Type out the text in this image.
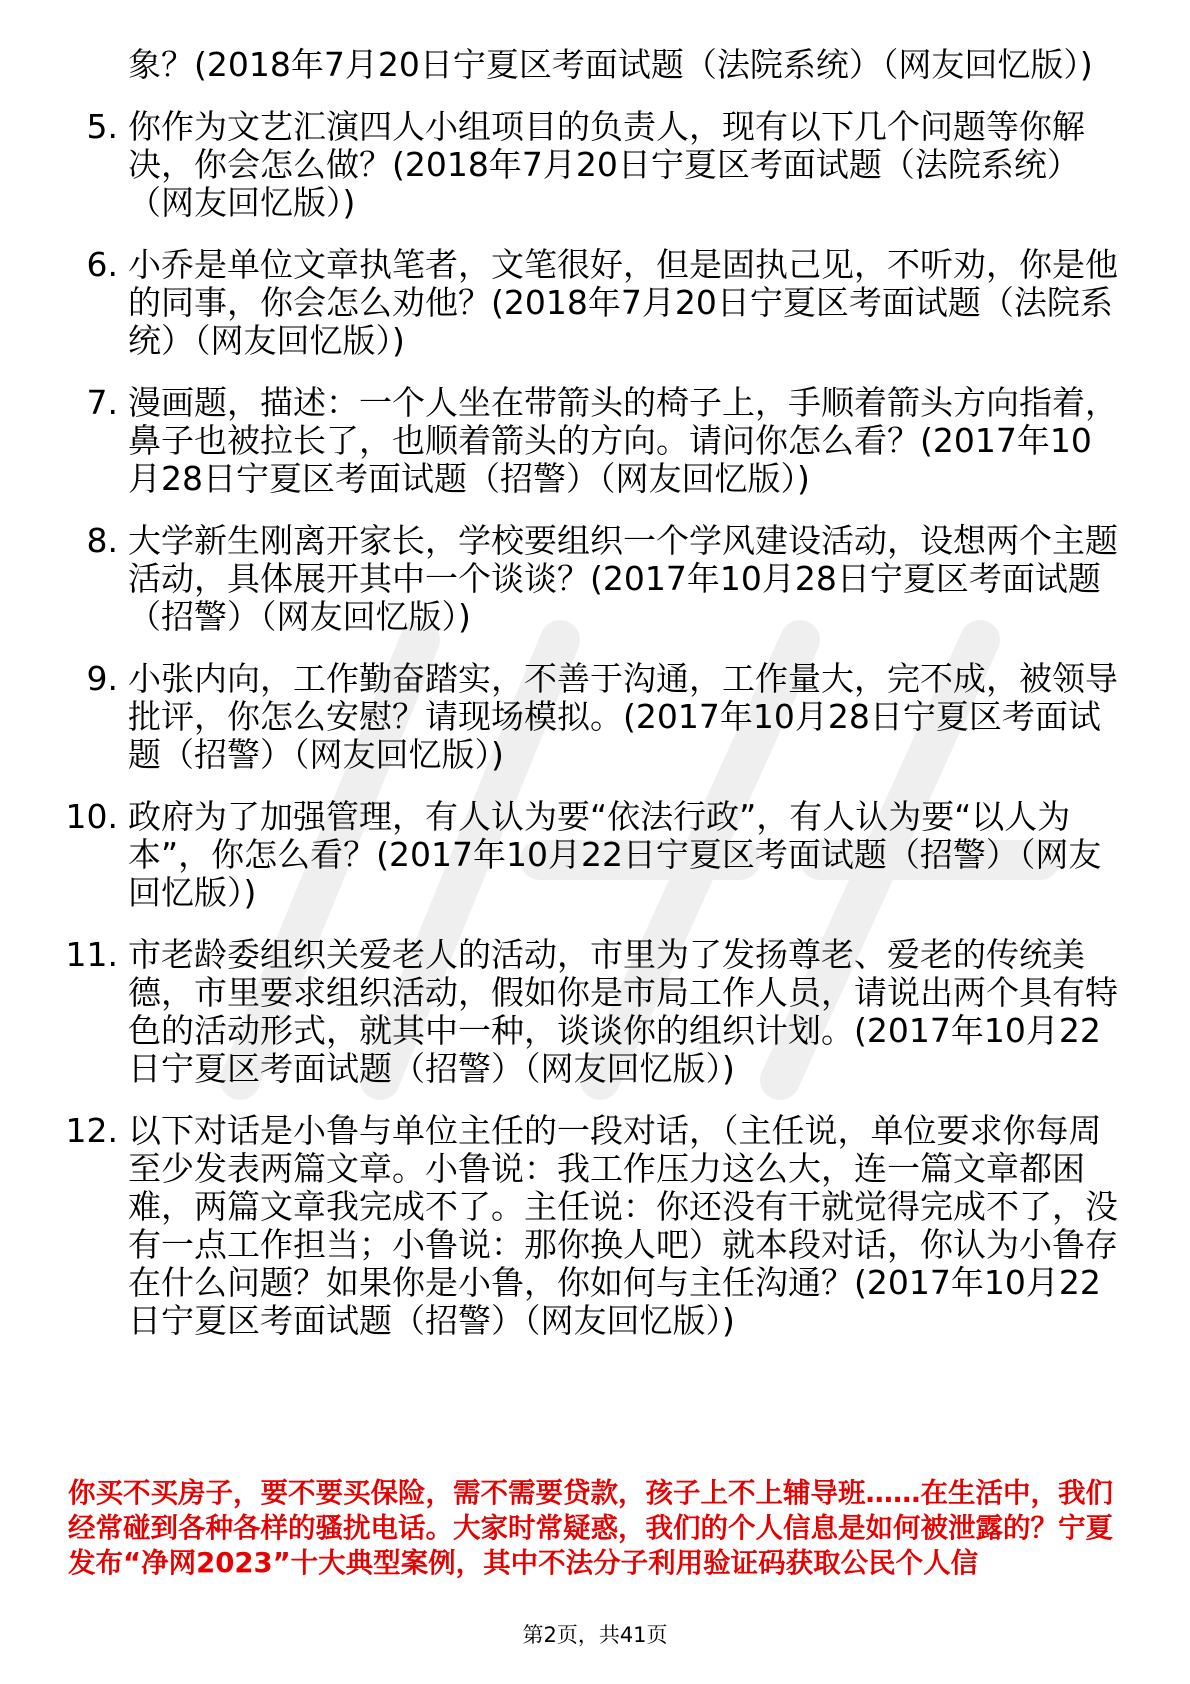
象？(2018年7月20日宁夏区考面试题（法院系统）（网友回忆版）)
5. 你作为文艺汇演四人小组项目的负责人，现有以下几个问题等你解决，你会怎么做？(2018年7月20日宁夏区考面试题（法院系统）（网友回忆版）)
6. 小乔是单位文章执笔者，文笔很好，但是固执己见，不听劝，你是他的同事，你会怎么劝他？(2018年7月20日宁夏区考面试题（法院系统）（网友回忆版）)
7. 漫画题，描述：一个人坐在带箭头的椅子上，手顺着箭头方向指着，鼻子也被拉长了，也顺着箭头的方向。请问你怎么看？(2017年10月28日宁夏区考面试题（招警）（网友回忆版）)
8. 大学新生刚离开家长，学校要组织一个学风建设活动，设想两个主题活动，具体展开其中一个谈谈？(2017年10月28日宁夏区考面试题（招警）（网友回忆版）)
9. 小张内向，工作勤奋踏实，不善于沟通，工作量大，完不成，被领导批评，你怎么安慰？请现场模拟。(2017年10月28日宁夏区考面试题（招警）（网友回忆版）)
10. 政府为了加强管理，有人认为要“依法行政”，有人认为要“以人为本”，你怎么看？(2017年10月22日宁夏区考面试题（招警）（网友回忆版）)
11. 市老龄委组织关爱老人的活动，市里为了发扬尊老、爱老的传统美德，市里要求组织活动，假如你是市局工作人员，请说出两个具有特色的活动形式，就其中一种，谈谈你的组织计划。(2017年10月22日宁夏区考面试题（招警）（网友回忆版）)
12. 以下对话是小鲁与单位主任的一段对话，（主任说，单位要求你每周至少发表两篇文章。小鲁说：我工作压力这么大，连一篇文章都困难，两篇文章我完成不了。主任说：你还没有干就觉得完成不了，没有一点工作担当；小鲁说：那你换人吧）就本段对话，你认为小鲁存在什么问题？如果你是小鲁，你如何与主任沟通？(2017年10月22日宁夏区考面试题（招警）（网友回忆版）)
你买不买房子，要不要买保险，需不需要贷款，孩子上不上辅导班……在生活中，我们经常碰到各种各样的骚扰电话。大家时常疑惑，我们的个人信息是如何被泄露的？宁夏发布“净网2023”十大典型案例，其中不法分子利用验证码获取公民个人信
第2页，共41页
